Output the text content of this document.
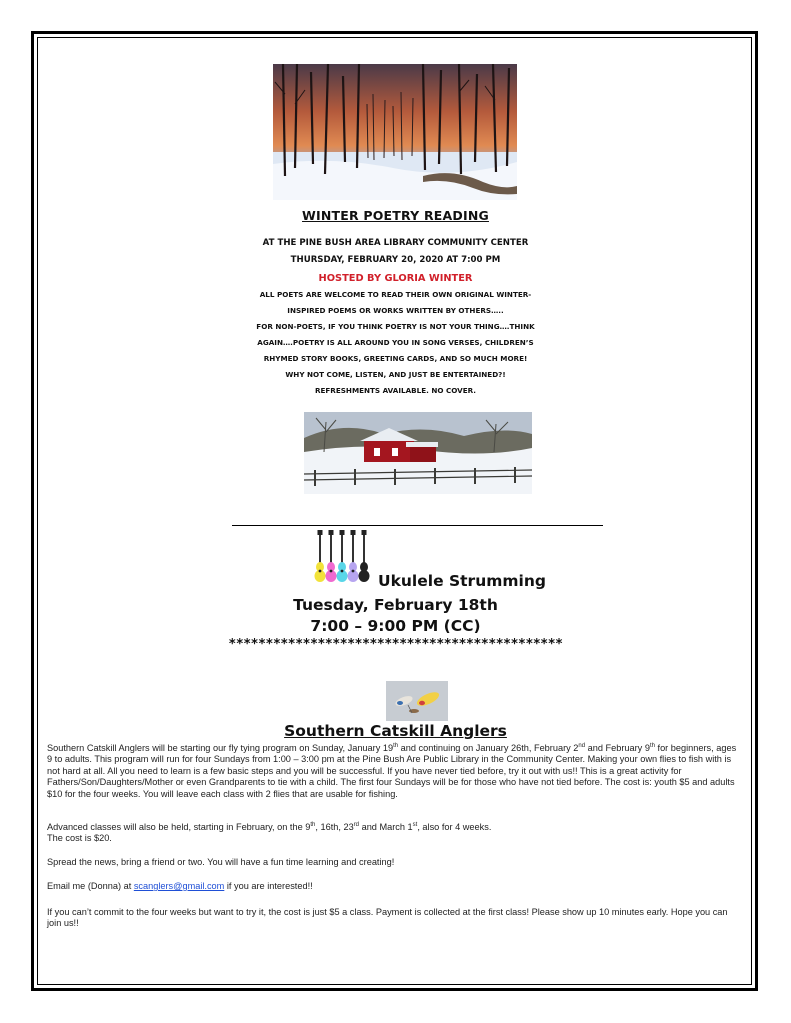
WINTER POETRY READING
AT THE PINE BUSH AREA LIBRARY COMMUNITY CENTER
THURSDAY, FEBRUARY 20, 2020 AT 7:00 PM
HOSTED BY GLORIA WINTER
ALL POETS ARE WELCOME TO READ THEIR OWN ORIGINAL WINTER-
INSPIRED POEMS OR WORKS WRITTEN BY OTHERS…..
FOR NON-POETS, IF YOU THINK POETRY IS NOT YOUR THING….THINK
AGAIN….POETRY IS ALL AROUND YOU IN SONG VERSES, CHILDREN’S
RHYMED STORY BOOKS, GREETING CARDS, AND SO MUCH MORE!
WHY NOT COME, LISTEN, AND JUST BE ENTERTAINED?!
REFRESHMENTS AVAILABLE. NO COVER.
Ukulele Strumming
Tuesday, February 18th
7:00 – 9:00 PM (CC)
*********************************************
Southern Catskill Anglers
Southern Catskill Anglers will be starting our fly tying program on Sunday, January 19th and continuing on January 26th, February 2nd and February 9th for beginners, ages 9 to adults. This program will run for four Sundays from 1:00 – 3:00 pm at the Pine Bush Are Public Library in the Community Center. Making your own flies to fish with is not hard at all. All you need to learn is a few basic steps and you will be successful. If you have never tied before, try it out with us!! This is a great activity for Fathers/Son/Daughters/Mother or even Grandparents to tie with a child. The first four Sundays will be for those who have not tied before. The cost is: youth $5 and adults $10 for the four weeks. You will leave each class with 2 flies that are usable for fishing.
Advanced classes will also be held, starting in February, on the 9th, 16th, 23rd and March 1st, also for 4 weeks.
The cost is $20.
Spread the news, bring a friend or two. You will have a fun time learning and creating!
Email me (Donna) at scanglers@gmail.com if you are interested!!
If you can’t commit to the four weeks but want to try it, the cost is just $5 a class. Payment is collected at the first class! Please show up 10 minutes early. Hope you can join us!!
